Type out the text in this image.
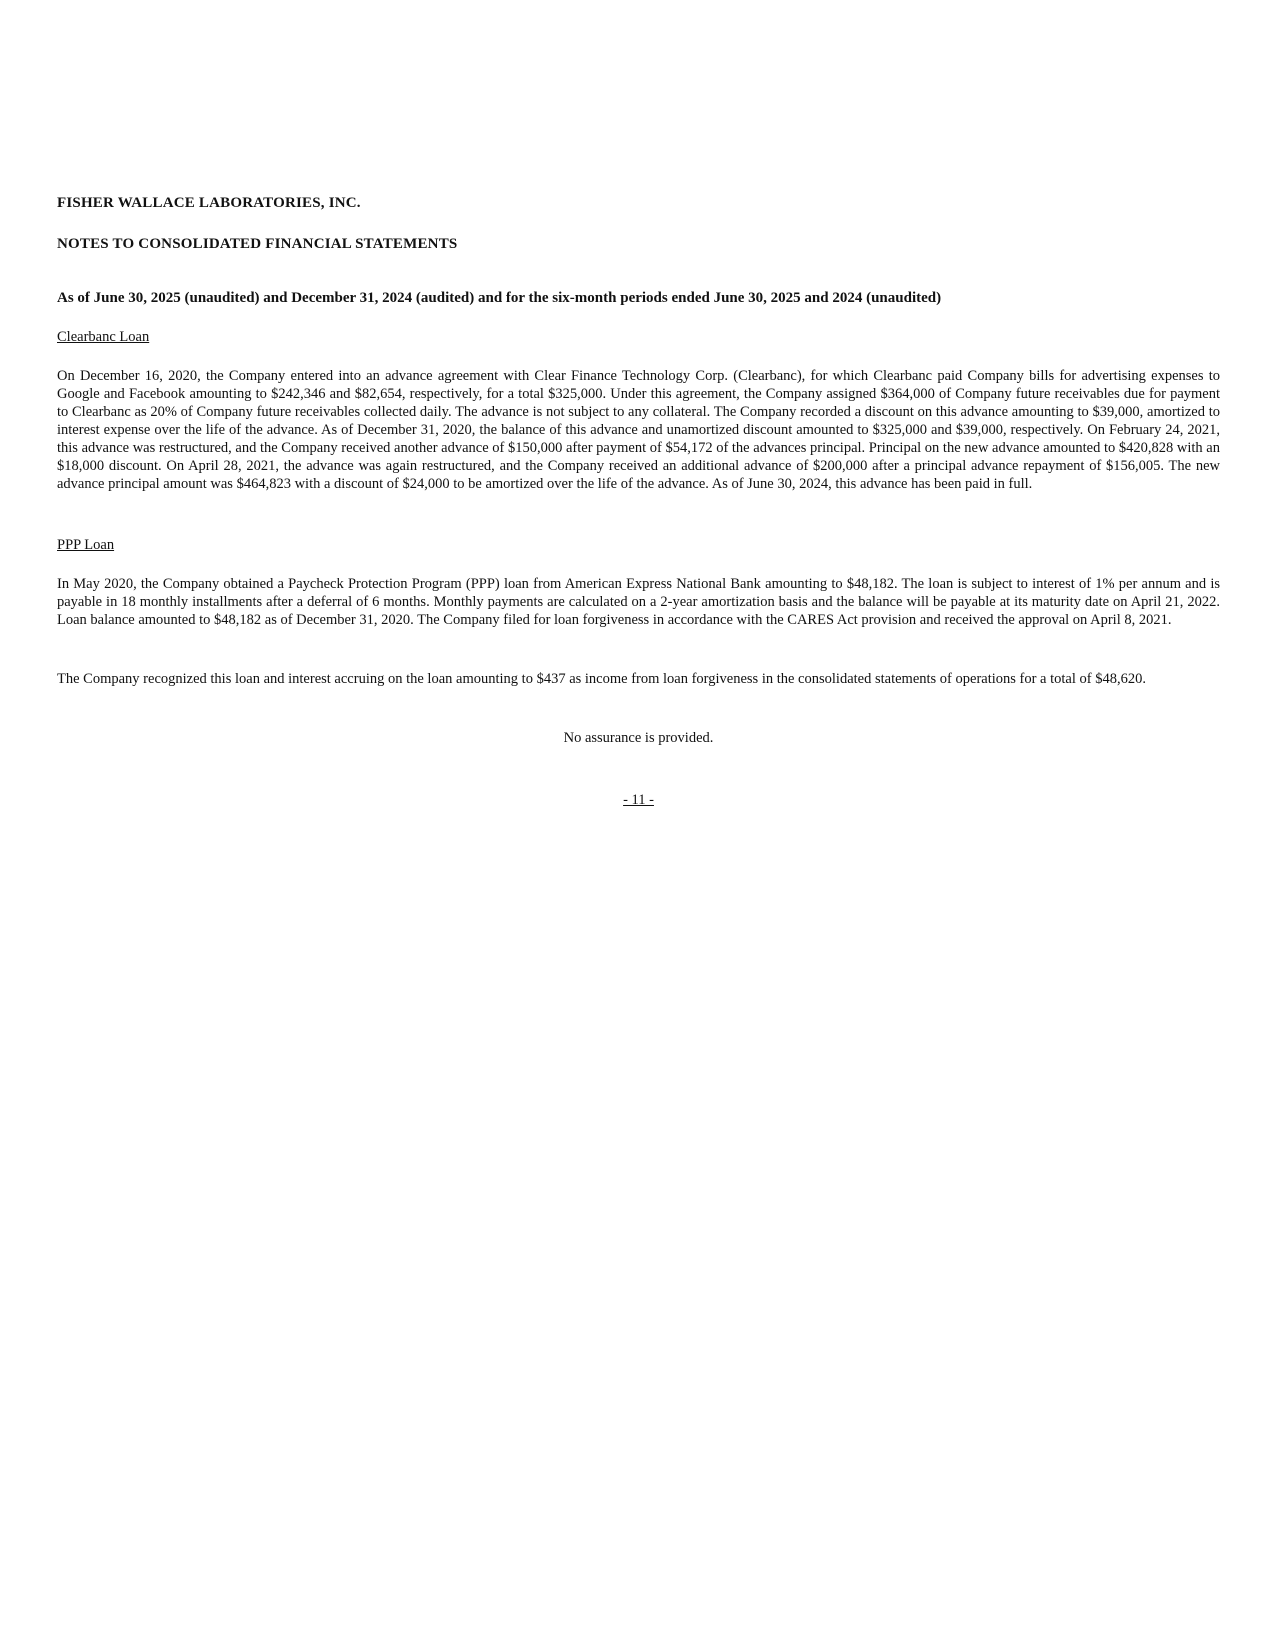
FISHER WALLACE LABORATORIES, INC.
NOTES TO CONSOLIDATED FINANCIAL STATEMENTS
As of June 30, 2025 (unaudited) and December 31, 2024 (audited) and for the six-month periods ended June 30, 2025 and 2024 (unaudited)
Clearbanc Loan
On December 16, 2020, the Company entered into an advance agreement with Clear Finance Technology Corp. (Clearbanc), for which Clearbanc paid Company bills for advertising expenses to Google and Facebook amounting to $242,346 and $82,654, respectively, for a total $325,000. Under this agreement, the Company assigned $364,000 of Company future receivables due for payment to Clearbanc as 20% of Company future receivables collected daily. The advance is not subject to any collateral. The Company recorded a discount on this advance amounting to $39,000, amortized to interest expense over the life of the advance. As of December 31, 2020, the balance of this advance and unamortized discount amounted to $325,000 and $39,000, respectively. On February 24, 2021, this advance was restructured, and the Company received another advance of $150,000 after payment of $54,172 of the advances principal. Principal on the new advance amounted to $420,828 with an $18,000 discount. On April 28, 2021, the advance was again restructured, and the Company received an additional advance of $200,000 after a principal advance repayment of $156,005. The new advance principal amount was $464,823 with a discount of $24,000 to be amortized over the life of the advance. As of June 30, 2024, this advance has been paid in full.
PPP Loan
In May 2020, the Company obtained a Paycheck Protection Program (PPP) loan from American Express National Bank amounting to $48,182. The loan is subject to interest of 1% per annum and is payable in 18 monthly installments after a deferral of 6 months. Monthly payments are calculated on a 2-year amortization basis and the balance will be payable at its maturity date on April 21, 2022. Loan balance amounted to $48,182 as of December 31, 2020. The Company filed for loan forgiveness in accordance with the CARES Act provision and received the approval on April 8, 2021.
The Company recognized this loan and interest accruing on the loan amounting to $437 as income from loan forgiveness in the consolidated statements of operations for a total of $48,620.
No assurance is provided.
- 11 -
